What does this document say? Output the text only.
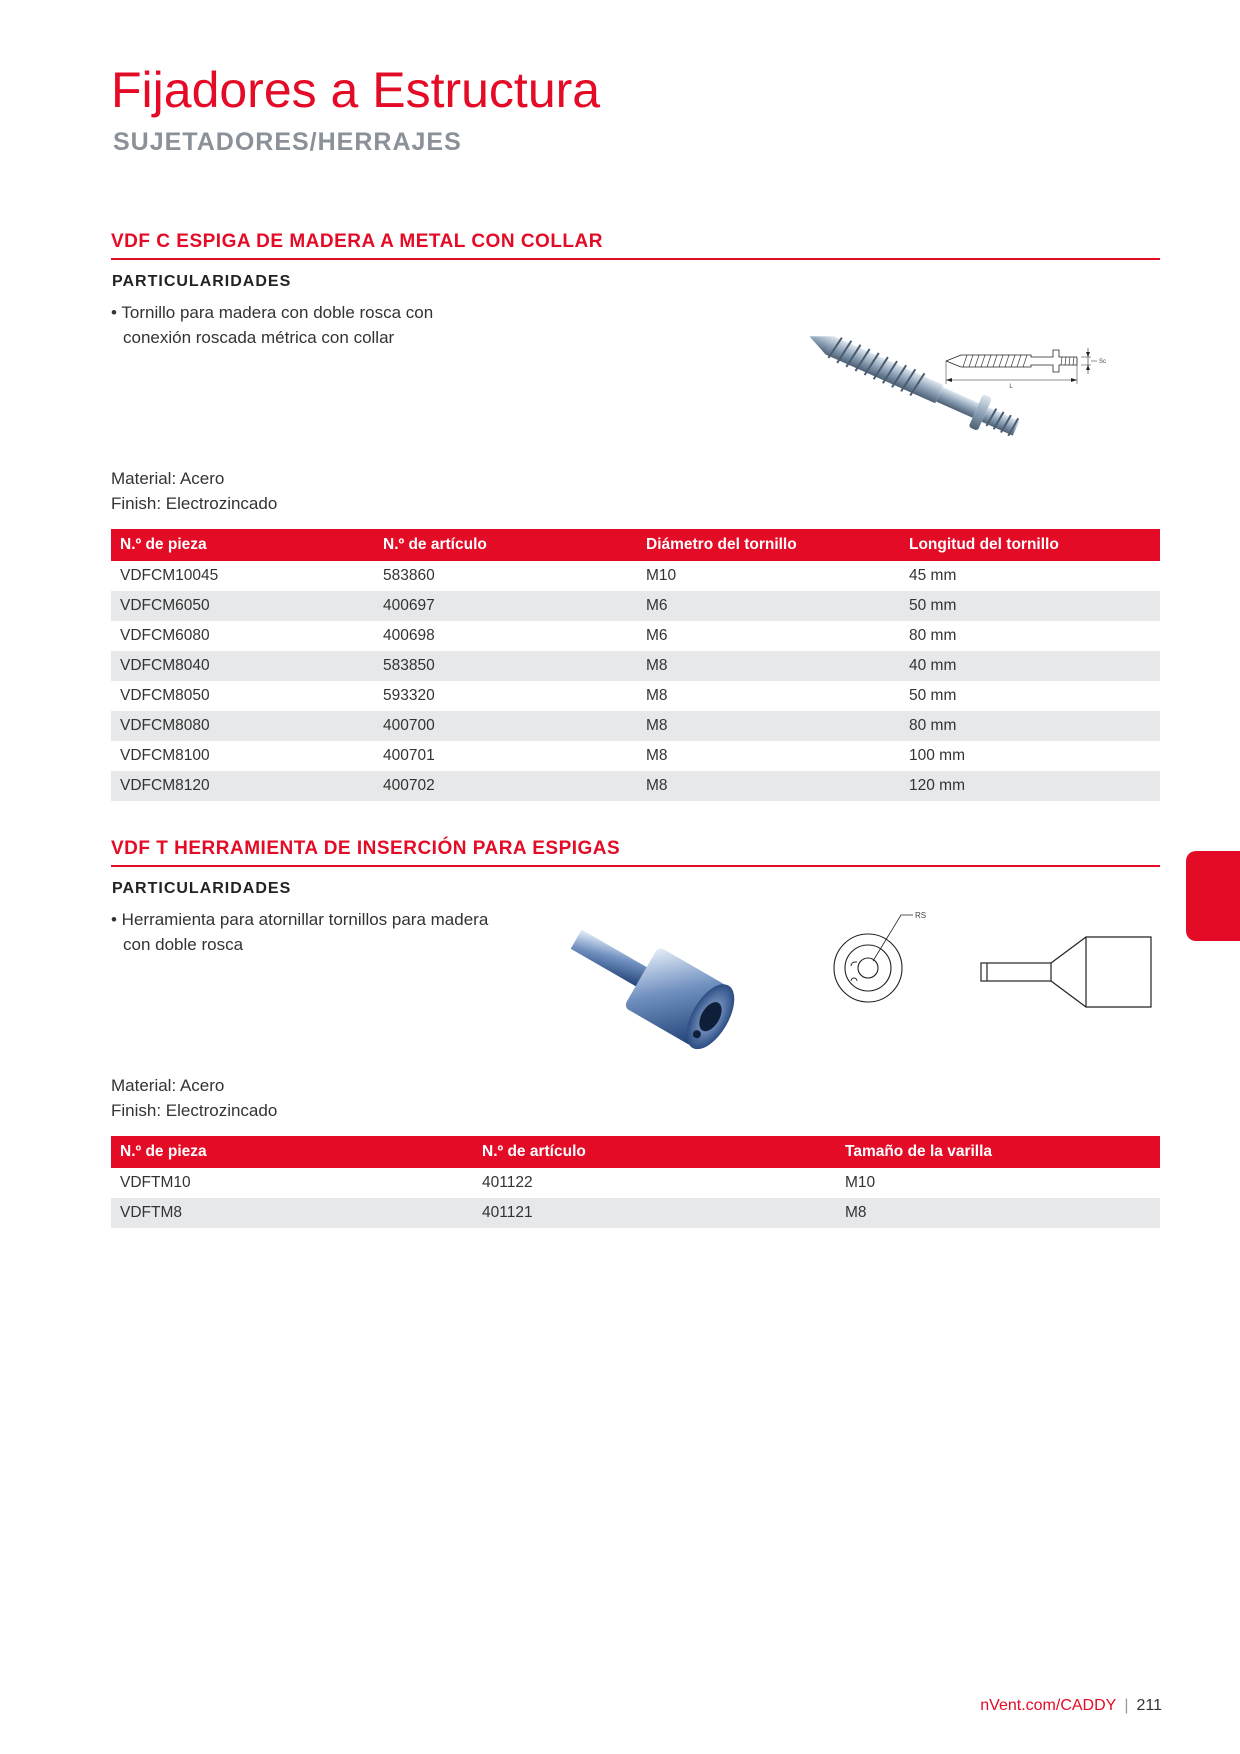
Fijadores a Estructura
SUJETADORES/HERRAJES
VDF C ESPIGA DE MADERA A METAL CON COLLAR
PARTICULARIDADES

• Tornillo para madera con doble rosca con conexión roscada métrica con collar

L
Sc
Material: Acero
Finish: Electrozincado
N.º de pieza	N.º de artículo	Diámetro del tornillo	Longitud del tornillo
VDFCM10045	583860	M10	45 mm
VDFCM6050	400697	M6	50 mm
VDFCM6080	400698	M6	80 mm
VDFCM8040	583850	M8	40 mm
VDFCM8050	593320	M8	50 mm
VDFCM8080	400700	M8	80 mm
VDFCM8100	400701	M8	100 mm
VDFCM8120	400702	M8	120 mm
VDF T HERRAMIENTA DE INSERCIÓN PARA ESPIGAS
PARTICULARIDADES

• Herramienta para atornillar tornillos para madera con doble rosca

RS
Material: Acero
Finish: Electrozincado
N.º de pieza	N.º de artículo	Tamaño de la varilla
VDFTM10	401122	M10
VDFTM8	401121	M8
nVent.com/CADDY | 211
